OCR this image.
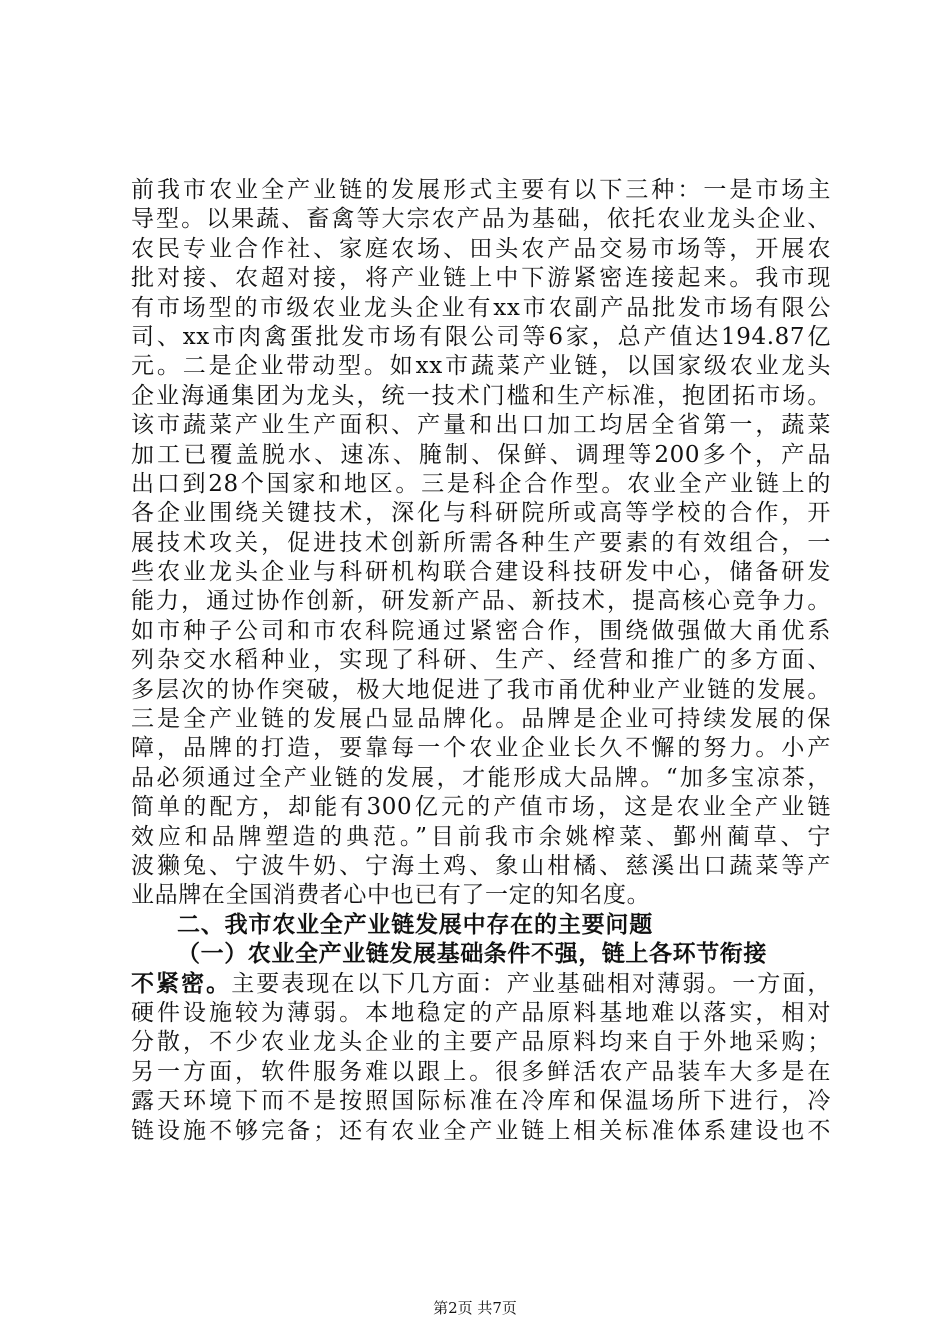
前我市农业全产业链的发展形式主要有以下三种：一是市场主
导型。以果蔬、畜禽等大宗农产品为基础，依托农业龙头企业、
农民专业合作社、家庭农场、田头农产品交易市场等，开展农
批对接、农超对接，将产业链上中下游紧密连接起来。我市现
有市场型的市级农业龙头企业有xx市农副产品批发市场有限公
司、xx市肉禽蛋批发市场有限公司等6家，总产值达194.87亿
元。二是企业带动型。如xx市蔬菜产业链，以国家级农业龙头
企业海通集团为龙头，统一技术门槛和生产标准，抱团拓市场。
该市蔬菜产业生产面积、产量和出口加工均居全省第一，蔬菜
加工已覆盖脱水、速冻、腌制、保鲜、调理等200多个，产品
出口到28个国家和地区。三是科企合作型。农业全产业链上的
各企业围绕关键技术，深化与科研院所或高等学校的合作，开
展技术攻关，促进技术创新所需各种生产要素的有效组合，一
些农业龙头企业与科研机构联合建设科技研发中心，储备研发
能力，通过协作创新，研发新产品、新技术，提高核心竞争力。
如市种子公司和市农科院通过紧密合作，围绕做强做大甬优系
列杂交水稻种业，实现了科研、生产、经营和推广的多方面、
多层次的协作突破，极大地促进了我市甬优种业产业链的发展。
三是全产业链的发展凸显品牌化。品牌是企业可持续发展的保
障，品牌的打造，要靠每一个农业企业长久不懈的努力。小产
品必须通过全产业链的发展，才能形成大品牌。“加多宝凉茶，
简单的配方，却能有300亿元的产值市场，这是农业全产业链
效应和品牌塑造的典范。”目前我市余姚榨菜、鄞州蔺草、宁
波獭兔、宁波牛奶、宁海土鸡、象山柑橘、慈溪出口蔬菜等产
业品牌在全国消费者心中也已有了一定的知名度。
二、我市农业全产业链发展中存在的主要问题
（一）农业全产业链发展基础条件不强，链上各环节衔接
不紧密。主要表现在以下几方面：产业基础相对薄弱。一方面，
硬件设施较为薄弱。本地稳定的产品原料基地难以落实，相对
分散，不少农业龙头企业的主要产品原料均来自于外地采购；
另一方面，软件服务难以跟上。很多鲜活农产品装车大多是在
露天环境下而不是按照国际标准在冷库和保温场所下进行，冷
链设施不够完备；还有农业全产业链上相关标准体系建设也不
第2页 共7页
